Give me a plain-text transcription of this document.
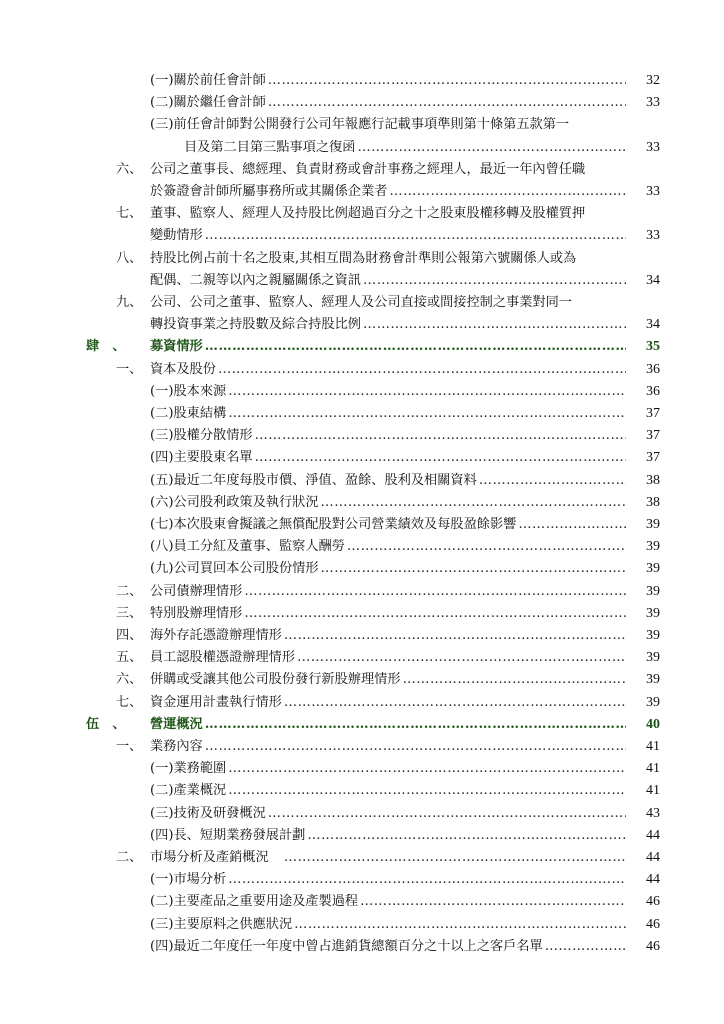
(一)關於前任會計師 ………………………………………………………………………………………………………………………………………………………………………………………………………………………………………………………………	32
(二)關於繼任會計師 ………………………………………………………………………………………………………………………………………………………………………………………………………………………………………………………………	33
(三)前任會計師對公開發行公司年報應行記載事項準則第十條第五款第一
目及第二目第三點事項之復函 ………………………………………………………………………………………………………………………………………………………………………………………………………………………………………………………………	33
六、 公司之董事長、總經理、負責財務或會計事務之經理人，最近一年內曾任職
於簽證會計師所屬事務所或其關係企業者 ………………………………………………………………………………………………………………………………………………………………………………………………………………………………………………………………	33
七、 董事、監察人、經理人及持股比例超過百分之十之股東股權移轉及股權質押
變動情形 ………………………………………………………………………………………………………………………………………………………………………………………………………………………………………………………………	33
八、 持股比例占前十名之股東,其相互間為財務會計準則公報第六號關係人或為
配偶、二親等以內之親屬關係之資訊 ………………………………………………………………………………………………………………………………………………………………………………………………………………………………………………………………	34
九、 公司、公司之董事、監察人、經理人及公司直接或間接控制之事業對同一
轉投資事業之持股數及綜合持股比例 ………………………………………………………………………………………………………………………………………………………………………………………………………………………………………………………………	34
肆　、 募資情形 ………………………………………………………………………………………………………………………………………………………………………………………………………………………………………………………………	35
一、 資本及股份 ………………………………………………………………………………………………………………………………………………………………………………………………………………………………………………………………	36
(一)股本來源 ………………………………………………………………………………………………………………………………………………………………………………………………………………………………………………………………	36
(二)股東結構 ………………………………………………………………………………………………………………………………………………………………………………………………………………………………………………………………	37
(三)股權分散情形 ………………………………………………………………………………………………………………………………………………………………………………………………………………………………………………………………	37
(四)主要股東名單 ………………………………………………………………………………………………………………………………………………………………………………………………………………………………………………………………	37
(五)最近二年度每股市價、淨值、盈餘、股利及相關資料 ………………………………………………………………………………………………………………………………………………………………………………………………………………………………………………………………	38
(六)公司股利政策及執行狀況 ………………………………………………………………………………………………………………………………………………………………………………………………………………………………………………………………	38
(七)本次股東會擬議之無償配股對公司營業績效及每股盈餘影響 ………………………………………………………………………………………………………………………………………………………………………………………………………………………………………………………………	39
(八)員工分紅及董事、監察人酬勞 ………………………………………………………………………………………………………………………………………………………………………………………………………………………………………………………………	39
(九)公司買回本公司股份情形 ………………………………………………………………………………………………………………………………………………………………………………………………………………………………………………………………	39
二、 公司債辦理情形 ………………………………………………………………………………………………………………………………………………………………………………………………………………………………………………………………	39
三、 特別股辦理情形 ………………………………………………………………………………………………………………………………………………………………………………………………………………………………………………………………	39
四、 海外存託憑證辦理情形 ………………………………………………………………………………………………………………………………………………………………………………………………………………………………………………………………	39
五、 員工認股權憑證辦理情形 ………………………………………………………………………………………………………………………………………………………………………………………………………………………………………………………………	39
六、 併購或受讓其他公司股份發行新股辦理情形 ………………………………………………………………………………………………………………………………………………………………………………………………………………………………………………………………	39
七、 資金運用計畫執行情形 ………………………………………………………………………………………………………………………………………………………………………………………………………………………………………………………………	39
伍　、 營運概況 ………………………………………………………………………………………………………………………………………………………………………………………………………………………………………………………………	40
一、 業務內容 ………………………………………………………………………………………………………………………………………………………………………………………………………………………………………………………………	41
(一)業務範圍 ………………………………………………………………………………………………………………………………………………………………………………………………………………………………………………………………	41
(二)產業概況 ………………………………………………………………………………………………………………………………………………………………………………………………………………………………………………………………	41
(三)技術及研發概況 ………………………………………………………………………………………………………………………………………………………………………………………………………………………………………………………………	43
(四)長、短期業務發展計劃 ………………………………………………………………………………………………………………………………………………………………………………………………………………………………………………………………	44
二、 市場分析及產銷概況　 ………………………………………………………………………………………………………………………………………………………………………………………………………………………………………………………………	44
(一)市場分析 ………………………………………………………………………………………………………………………………………………………………………………………………………………………………………………………………	44
(二)主要產品之重要用途及產製過程 ………………………………………………………………………………………………………………………………………………………………………………………………………………………………………………………………	46
(三)主要原料之供應狀況 ………………………………………………………………………………………………………………………………………………………………………………………………………………………………………………………………	46
(四)最近二年度任一年度中曾占進銷貨總額百分之十以上之客戶名單 ………………………………………………………………………………………………………………………………………………………………………………………………………………………………………………………………	46
